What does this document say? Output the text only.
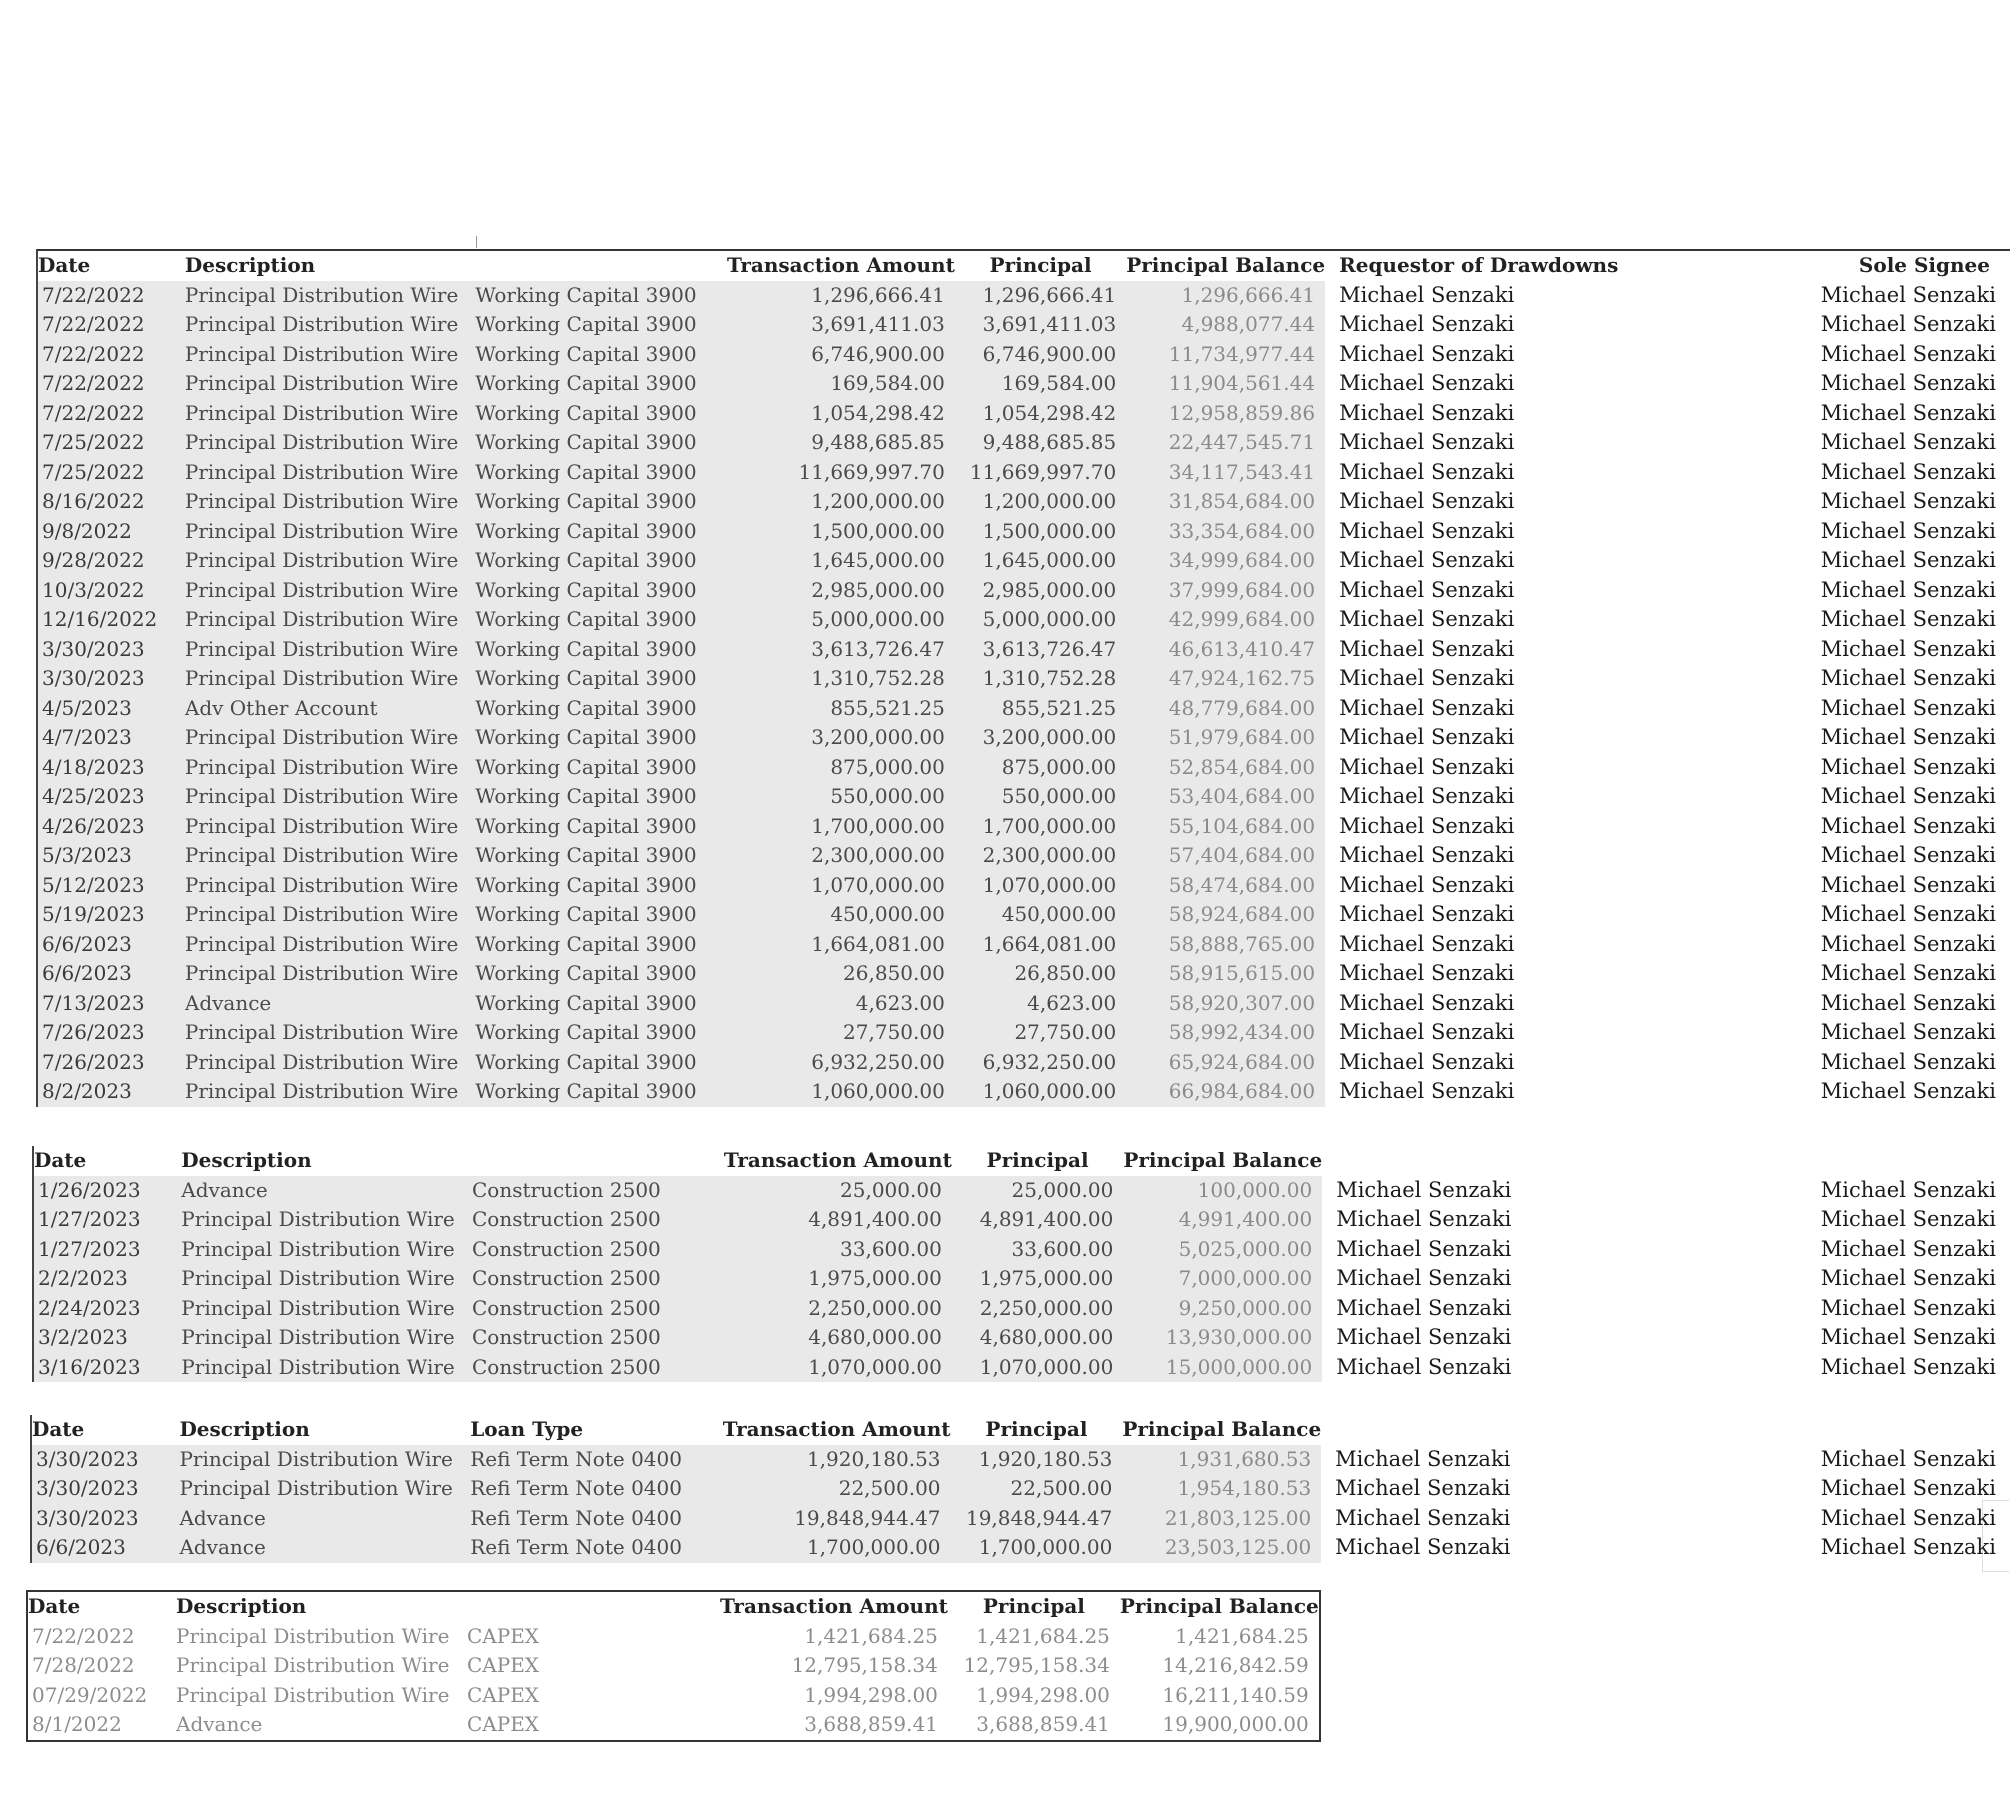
Date	Description		Transaction Amount	Principal	Principal Balance	Requestor of Drawdowns	Sole Signee
7/22/2022	Principal Distribution Wire	Working Capital 3900	1,296,666.41	1,296,666.41	1,296,666.41	Michael Senzaki	Michael Senzaki
7/22/2022	Principal Distribution Wire	Working Capital 3900	3,691,411.03	3,691,411.03	4,988,077.44	Michael Senzaki	Michael Senzaki
7/22/2022	Principal Distribution Wire	Working Capital 3900	6,746,900.00	6,746,900.00	11,734,977.44	Michael Senzaki	Michael Senzaki
7/22/2022	Principal Distribution Wire	Working Capital 3900	169,584.00	169,584.00	11,904,561.44	Michael Senzaki	Michael Senzaki
7/22/2022	Principal Distribution Wire	Working Capital 3900	1,054,298.42	1,054,298.42	12,958,859.86	Michael Senzaki	Michael Senzaki
7/25/2022	Principal Distribution Wire	Working Capital 3900	9,488,685.85	9,488,685.85	22,447,545.71	Michael Senzaki	Michael Senzaki
7/25/2022	Principal Distribution Wire	Working Capital 3900	11,669,997.70	11,669,997.70	34,117,543.41	Michael Senzaki	Michael Senzaki
8/16/2022	Principal Distribution Wire	Working Capital 3900	1,200,000.00	1,200,000.00	31,854,684.00	Michael Senzaki	Michael Senzaki
9/8/2022	Principal Distribution Wire	Working Capital 3900	1,500,000.00	1,500,000.00	33,354,684.00	Michael Senzaki	Michael Senzaki
9/28/2022	Principal Distribution Wire	Working Capital 3900	1,645,000.00	1,645,000.00	34,999,684.00	Michael Senzaki	Michael Senzaki
10/3/2022	Principal Distribution Wire	Working Capital 3900	2,985,000.00	2,985,000.00	37,999,684.00	Michael Senzaki	Michael Senzaki
12/16/2022	Principal Distribution Wire	Working Capital 3900	5,000,000.00	5,000,000.00	42,999,684.00	Michael Senzaki	Michael Senzaki
3/30/2023	Principal Distribution Wire	Working Capital 3900	3,613,726.47	3,613,726.47	46,613,410.47	Michael Senzaki	Michael Senzaki
3/30/2023	Principal Distribution Wire	Working Capital 3900	1,310,752.28	1,310,752.28	47,924,162.75	Michael Senzaki	Michael Senzaki
4/5/2023	Adv Other Account	Working Capital 3900	855,521.25	855,521.25	48,779,684.00	Michael Senzaki	Michael Senzaki
4/7/2023	Principal Distribution Wire	Working Capital 3900	3,200,000.00	3,200,000.00	51,979,684.00	Michael Senzaki	Michael Senzaki
4/18/2023	Principal Distribution Wire	Working Capital 3900	875,000.00	875,000.00	52,854,684.00	Michael Senzaki	Michael Senzaki
4/25/2023	Principal Distribution Wire	Working Capital 3900	550,000.00	550,000.00	53,404,684.00	Michael Senzaki	Michael Senzaki
4/26/2023	Principal Distribution Wire	Working Capital 3900	1,700,000.00	1,700,000.00	55,104,684.00	Michael Senzaki	Michael Senzaki
5/3/2023	Principal Distribution Wire	Working Capital 3900	2,300,000.00	2,300,000.00	57,404,684.00	Michael Senzaki	Michael Senzaki
5/12/2023	Principal Distribution Wire	Working Capital 3900	1,070,000.00	1,070,000.00	58,474,684.00	Michael Senzaki	Michael Senzaki
5/19/2023	Principal Distribution Wire	Working Capital 3900	450,000.00	450,000.00	58,924,684.00	Michael Senzaki	Michael Senzaki
6/6/2023	Principal Distribution Wire	Working Capital 3900	1,664,081.00	1,664,081.00	58,888,765.00	Michael Senzaki	Michael Senzaki
6/6/2023	Principal Distribution Wire	Working Capital 3900	26,850.00	26,850.00	58,915,615.00	Michael Senzaki	Michael Senzaki
7/13/2023	Advance	Working Capital 3900	4,623.00	4,623.00	58,920,307.00	Michael Senzaki	Michael Senzaki
7/26/2023	Principal Distribution Wire	Working Capital 3900	27,750.00	27,750.00	58,992,434.00	Michael Senzaki	Michael Senzaki
7/26/2023	Principal Distribution Wire	Working Capital 3900	6,932,250.00	6,932,250.00	65,924,684.00	Michael Senzaki	Michael Senzaki
8/2/2023	Principal Distribution Wire	Working Capital 3900	1,060,000.00	1,060,000.00	66,984,684.00	Michael Senzaki	Michael Senzaki
Date	Description		Transaction Amount	Principal	Principal Balance		
1/26/2023	Advance	Construction 2500	25,000.00	25,000.00	100,000.00	Michael Senzaki	Michael Senzaki
1/27/2023	Principal Distribution Wire	Construction 2500	4,891,400.00	4,891,400.00	4,991,400.00	Michael Senzaki	Michael Senzaki
1/27/2023	Principal Distribution Wire	Construction 2500	33,600.00	33,600.00	5,025,000.00	Michael Senzaki	Michael Senzaki
2/2/2023	Principal Distribution Wire	Construction 2500	1,975,000.00	1,975,000.00	7,000,000.00	Michael Senzaki	Michael Senzaki
2/24/2023	Principal Distribution Wire	Construction 2500	2,250,000.00	2,250,000.00	9,250,000.00	Michael Senzaki	Michael Senzaki
3/2/2023	Principal Distribution Wire	Construction 2500	4,680,000.00	4,680,000.00	13,930,000.00	Michael Senzaki	Michael Senzaki
3/16/2023	Principal Distribution Wire	Construction 2500	1,070,000.00	1,070,000.00	15,000,000.00	Michael Senzaki	Michael Senzaki
Date	Description	Loan Type	Transaction Amount	Principal	Principal Balance		
3/30/2023	Principal Distribution Wire	Refi Term Note 0400	1,920,180.53	1,920,180.53	1,931,680.53	Michael Senzaki	Michael Senzaki
3/30/2023	Principal Distribution Wire	Refi Term Note 0400	22,500.00	22,500.00	1,954,180.53	Michael Senzaki	Michael Senzaki
3/30/2023	Advance	Refi Term Note 0400	19,848,944.47	19,848,944.47	21,803,125.00	Michael Senzaki	Michael Senzaki
6/6/2023	Advance	Refi Term Note 0400	1,700,000.00	1,700,000.00	23,503,125.00	Michael Senzaki	Michael Senzaki
Date	Description		Transaction Amount	Principal	Principal Balance
7/22/2022	Principal Distribution Wire	CAPEX	1,421,684.25	1,421,684.25	1,421,684.25
7/28/2022	Principal Distribution Wire	CAPEX	12,795,158.34	12,795,158.34	14,216,842.59
07/29/2022	Principal Distribution Wire	CAPEX	1,994,298.00	1,994,298.00	16,211,140.59
8/1/2022	Advance	CAPEX	3,688,859.41	3,688,859.41	19,900,000.00
